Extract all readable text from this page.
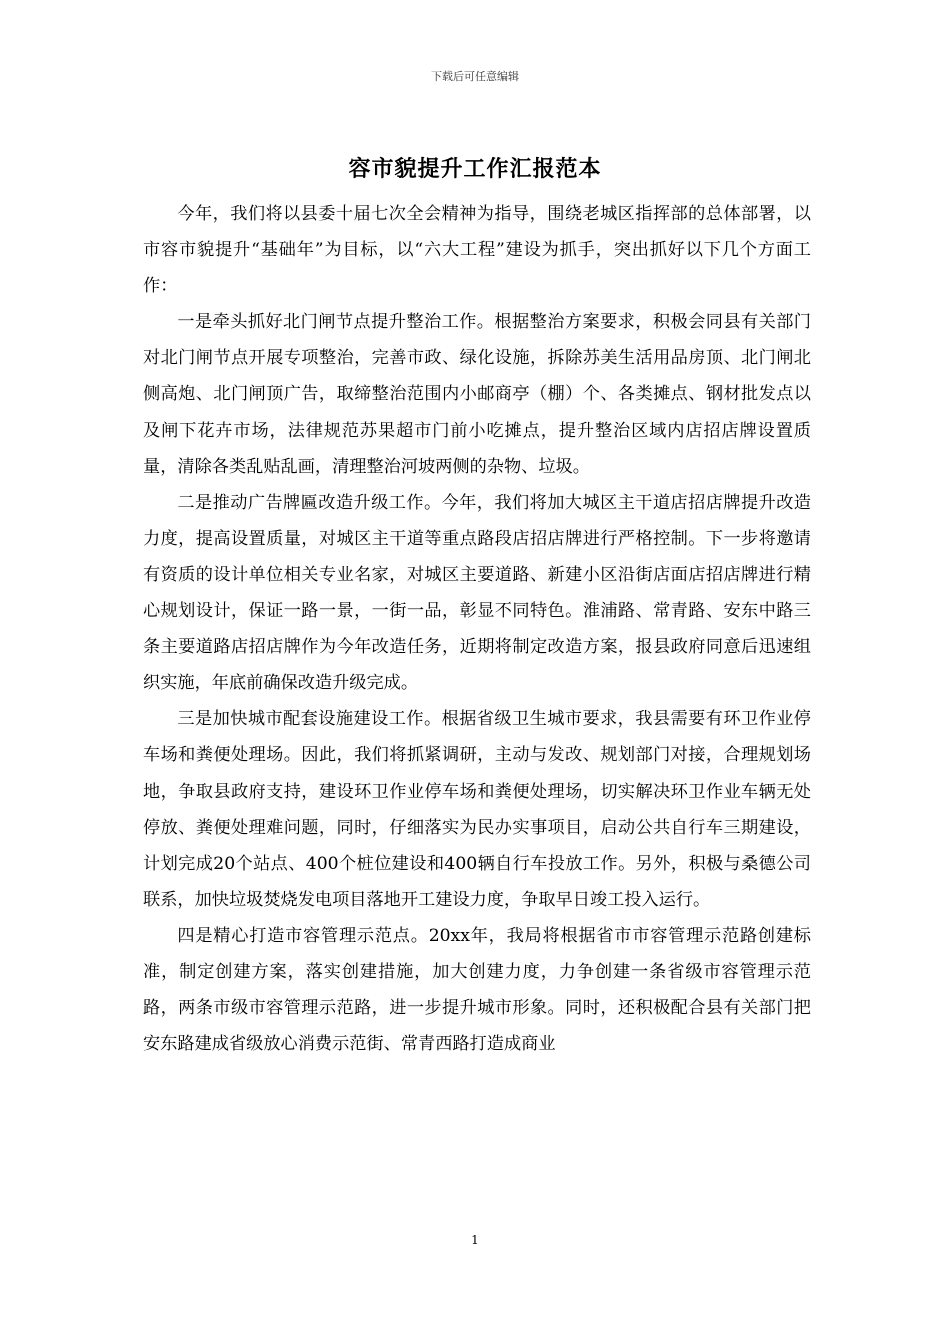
下载后可任意编辑
容市貌提升工作汇报范本

今年，我们将以县委十届七次全会精神为指导，围绕老城区指挥部的总体部署，以市容市貌提升“基础年”为目标，以“六大工程”建设为抓手，突出抓好以下几个方面工作：

一是牵头抓好北门闸节点提升整治工作。根据整治方案要求，积极会同县有关部门对北门闸节点开展专项整治，完善市政、绿化设施，拆除苏美生活用品房顶、北门闸北侧高炮、北门闸顶广告，取缔整治范围内小邮商亭（棚）个、各类摊点、钢材批发点以及闸下花卉市场，法律规范苏果超市门前小吃摊点，提升整治区域内店招店牌设置质量，清除各类乱贴乱画，清理整治河坡两侧的杂物、垃圾。

二是推动广告牌匾改造升级工作。今年，我们将加大城区主干道店招店牌提升改造力度，提高设置质量，对城区主干道等重点路段店招店牌进行严格控制。下一步将邀请有资质的设计单位相关专业名家，对城区主要道路、新建小区沿街店面店招店牌进行精心规划设计，保证一路一景，一街一品，彰显不同特色。淮浦路、常青路、安东中路三条主要道路店招店牌作为今年改造任务，近期将制定改造方案，报县政府同意后迅速组织实施，年底前确保改造升级完成。

三是加快城市配套设施建设工作。根据省级卫生城市要求，我县需要有环卫作业停车场和粪便处理场。因此，我们将抓紧调研，主动与发改、规划部门对接，合理规划场地，争取县政府支持，建设环卫作业停车场和粪便处理场，切实解决环卫作业车辆无处停放、粪便处理难问题，同时，仔细落实为民办实事项目，启动公共自行车三期建设，计划完成20个站点、400个桩位建设和400辆自行车投放工作。另外，积极与桑德公司联系，加快垃圾焚烧发电项目落地开工建设力度，争取早日竣工投入运行。

四是精心打造市容管理示范点。20xx年，我局将根据省市市容管理示范路创建标准，制定创建方案，落实创建措施，加大创建力度，力争创建一条省级市容管理示范路，两条市级市容管理示范路，进一步提升城市形象。同时，还积极配合县有关部门把安东路建成省级放心消费示范街、常青西路打造成商业

1
